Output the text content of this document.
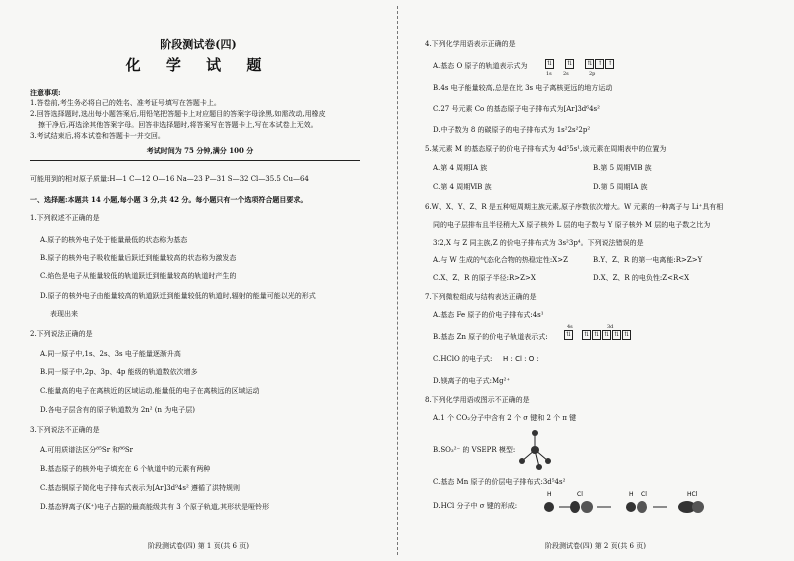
阶段测试卷(四)
化 学 试 题
注意事项:
1.答卷前,考生务必将自己的姓名、准考证号填写在答题卡上。
2.回答选择题时,选出每小题答案后,用铅笔把答题卡上对应题目的答案字母涂黑,如需改动,用橡皮
擦干净后,再选涂其他答案字母。回答非选择题时,将答案写在答题卡上,写在本试卷上无效。
3.考试结束后,将本试卷和答题卡一并交回。
考试时间为 75 分钟,满分 100 分
可能用到的相对原子质量:H—1 C—12 O—16 Na—23 P—31 S—32 Cl—35.5 Cu—64
一、选择题:本题共 14 小题,每小题 3 分,共 42 分。每小题只有一个选项符合题目要求。
1.下列叙述不正确的是
A.原子的核外电子处于能量最低的状态称为基态
B.原子的核外电子吸收能量后跃迁到能量较高的状态称为激发态
C.焰色是电子从能量较低的轨道跃迁到能量较高的轨道时产生的
D.原子的核外电子由能量较高的轨道跃迁到能量较低的轨道时,辐射的能量可能以光的形式
表现出来
2.下列说法正确的是
A.同一原子中,1s、2s、3s 电子能量逐渐升高
B.同一原子中,2p、3p、4p 能级的轨道数依次增多
C.能量高的电子在离核近的区域运动,能量低的电子在离核远的区域运动
D.各电子层含有的原子轨道数为 2n² (n 为电子层)
3.下列说法不正确的是
A.可用质谱法区分⁸⁵Sr 和⁸⁶Sr
B.基态原子的核外电子填充在 6 个轨道中的元素有两种
C.基态铜原子简化电子排布式表示为[Ar]3d⁹4s² 遵循了洪特规则
D.基态钾离子(K⁺)电子占据的最高能级共有 3 个原子轨道,其形状是哑铃形
阶段测试卷(四) 第 1 页(共 6 页)
4.下列化学用语表示正确的是
A.基态 O 原子的轨道表示式为	⇅	⇅	⇅ ↑ ↑
1s 2s	2p
B.4s 电子能量较高,总是在比 3s 电子离核更远的地方运动
C.27 号元素 Co 的基态原子电子排布式为[Ar]3d⁶4s²
D.中子数为 8 的碳原子的电子排布式为 1s²2s²2p²
5.某元素 M 的基态原子的价电子排布式为 4d⁵5s¹,该元素在周期表中的位置为
A.第 4 周期ⅠA 族	B.第 5 周期ⅥB 族
C.第 4 周期ⅥB 族	D.第 5 周期ⅠA 族
6.W、X、Y、Z、R 是五种短周期主族元素,原子序数依次增大。W 元素的一种离子与 Li⁺具有相
同的电子层排布且半径稍大,X 原子核外 L 层的电子数与 Y 原子核外 M 层的电子数之比为
3∶2,X 与 Z 同主族,Z 的价电子排布式为 3s²3p⁴。下列说法错误的是
A.与 W 生成的气态化合物的热稳定性:X>Z	B.Y、Z、R 的第一电离能:R>Z>Y
C.X、Z、R 的原子半径:R>Z>X	D.X、Z、R 的电负性:Z<R<X
7.下列微粒组成与结构表达正确的是
A.基态 Fe 原子的价电子排布式:4s¹
B.基态 Zn 原子的价电子轨道表示式:
4s	3d
⇅ ⇅ ⇅ ⇅ ⇅ ⇅
C.HClO 的电子式: H : Cl : O :
D.镁离子的电子式:Mg²⁺
8.下列化学用语或图示不正确的是
A.1 个 CO₂分子中含有 2 个 σ 键和 2 个 π 键
B.SO₃²⁻ 的 VSEPR 模型:
C.基态 Mn 原子的价层电子排布式:3d⁵4s²
D.HCl 分子中 σ 键的形成:
H	Cl	H Cl	HCl
阶段测试卷(四) 第 2 页(共 6 页)
